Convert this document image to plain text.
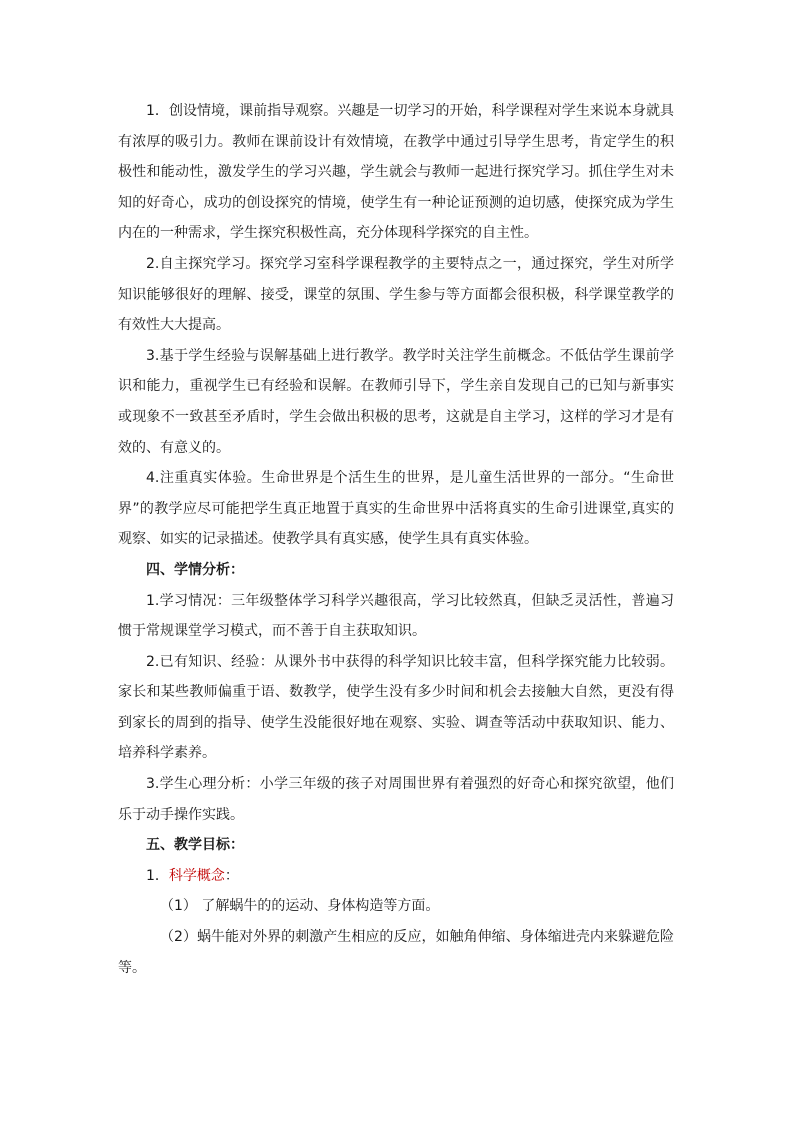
1．创设情境，课前指导观察。兴趣是一切学习的开始，科学课程对学生来说本身就具有浓厚的吸引力。教师在课前设计有效情境，在教学中通过引导学生思考，肯定学生的积极性和能动性，激发学生的学习兴趣，学生就会与教师一起进行探究学习。抓住学生对未知的好奇心，成功的创设探究的情境，使学生有一种论证预测的迫切感，使探究成为学生内在的一种需求，学生探究积极性高，充分体现科学探究的自主性。

2.自主探究学习。探究学习室科学课程教学的主要特点之一，通过探究，学生对所学知识能够很好的理解、接受，课堂的氛围、学生参与等方面都会很积极，科学课堂教学的有效性大大提高。

3.基于学生经验与误解基础上进行教学。教学时关注学生前概念。不低估学生课前学识和能力，重视学生已有经验和误解。在教师引导下，学生亲自发现自己的已知与新事实或现象不一致甚至矛盾时，学生会做出积极的思考，这就是自主学习，这样的学习才是有效的、有意义的。

4.注重真实体验。生命世界是个活生生的世界，是儿童生活世界的一部分。“生命世界”的教学应尽可能把学生真正地置于真实的生命世界中活将真实的生命引进课堂,真实的观察、如实的记录描述。使教学具有真实感，使学生具有真实体验。

四、学情分析：

1.学习情况：三年级整体学习科学兴趣很高，学习比较然真，但缺乏灵活性，普遍习惯于常规课堂学习模式，而不善于自主获取知识。

2.已有知识、经验：从课外书中获得的科学知识比较丰富，但科学探究能力比较弱。家长和某些教师偏重于语、数教学，使学生没有多少时间和机会去接触大自然，更没有得到家长的周到的指导、使学生没能很好地在观察、实验、调查等活动中获取知识、能力、培养科学素养。

3.学生心理分析：小学三年级的孩子对周围世界有着强烈的好奇心和探究欲望，他们乐于动手操作实践。

五、教学目标：

1．科学概念：

（1） 了解蜗牛的的运动、身体构造等方面。

（2）蜗牛能对外界的刺激产生相应的反应，如触角伸缩、身体缩进壳内来躲避危险等。
